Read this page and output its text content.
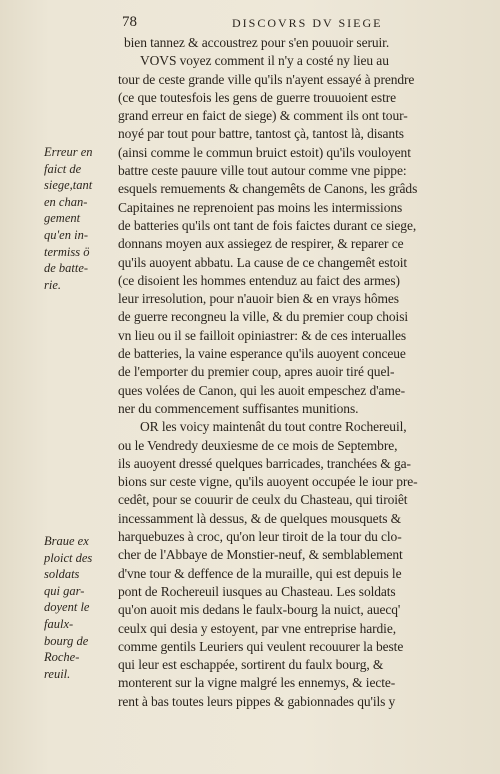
78	DISCOVRS DV SIEGE
Erreur en
faict de
siege,tant
en chan-
gement
qu'en in-
termiss ö
de batte-
rie.
Braue ex
ploict des
soldats
qui gar-
doyent le
faulx-
bourg de
Roche-
reuil.
bien tannez & accoustrez pour s'en pouuoir seruir.
VOVS voyez comment il n'y a costé ny lieu au
tour de ceste grande ville qu'ils n'ayent essayé à prendre
(ce que toutesfois les gens de guerre trouuoient estre
grand erreur en faict de siege) & comment ils ont tour-
noyé par tout pour battre, tantost çà, tantost là, disants
(ainsi comme le commun bruict estoit) qu'ils vouloyent
battre ceste pauure ville tout autour comme vne pippe:
esquels remuements & changemêts de Canons, les grâds
Capitaines ne reprenoient pas moins les intermissions
de batteries qu'ils ont tant de fois faictes durant ce siege,
donnans moyen aux assiegez de respirer, & reparer ce
qu'ils auoyent abbatu. La cause de ce changemêt estoit
(ce disoient les hommes entenduz au faict des armes)
leur irresolution, pour n'auoir bien & en vrays hômes
de guerre recongneu la ville, & du premier coup choisi
vn lieu ou il se failloit opiniastrer: & de ces interualles
de batteries, la vaine esperance qu'ils auoyent conceue
de l'emporter du premier coup, apres auoir tiré quel-
ques volées de Canon, qui les auoit empeschez d'ame-
ner du commencement suffisantes munitions.
OR les voicy maintenât du tout contre Rochereuil,
ou le Vendredy deuxiesme de ce mois de Septembre,
ils auoyent dressé quelques barricades, tranchées & ga-
bions sur ceste vigne, qu'ils auoyent occupée le iour pre-
cedêt, pour se couurir de ceulx du Chasteau, qui tiroiêt
incessamment là dessus, & de quelques mousquets &
harquebuzes à croc, qu'on leur tiroit de la tour du clo-
cher de l'Abbaye de Monstier-neuf, & semblablement
d'vne tour & deffence de la muraille, qui est depuis le
pont de Rochereuil iusques au Chasteau. Les soldats
qu'on auoit mis dedans le faulx-bourg la nuict, auecq'
ceulx qui desia y estoyent, par vne entreprise hardie,
comme gentils Leuriers qui veulent recouurer la beste
qui leur est eschappée, sortirent du faulx bourg, &
monterent sur la vigne malgré les ennemys, & iecte-
rent à bas toutes leurs pippes & gabionnades qu'ils y
